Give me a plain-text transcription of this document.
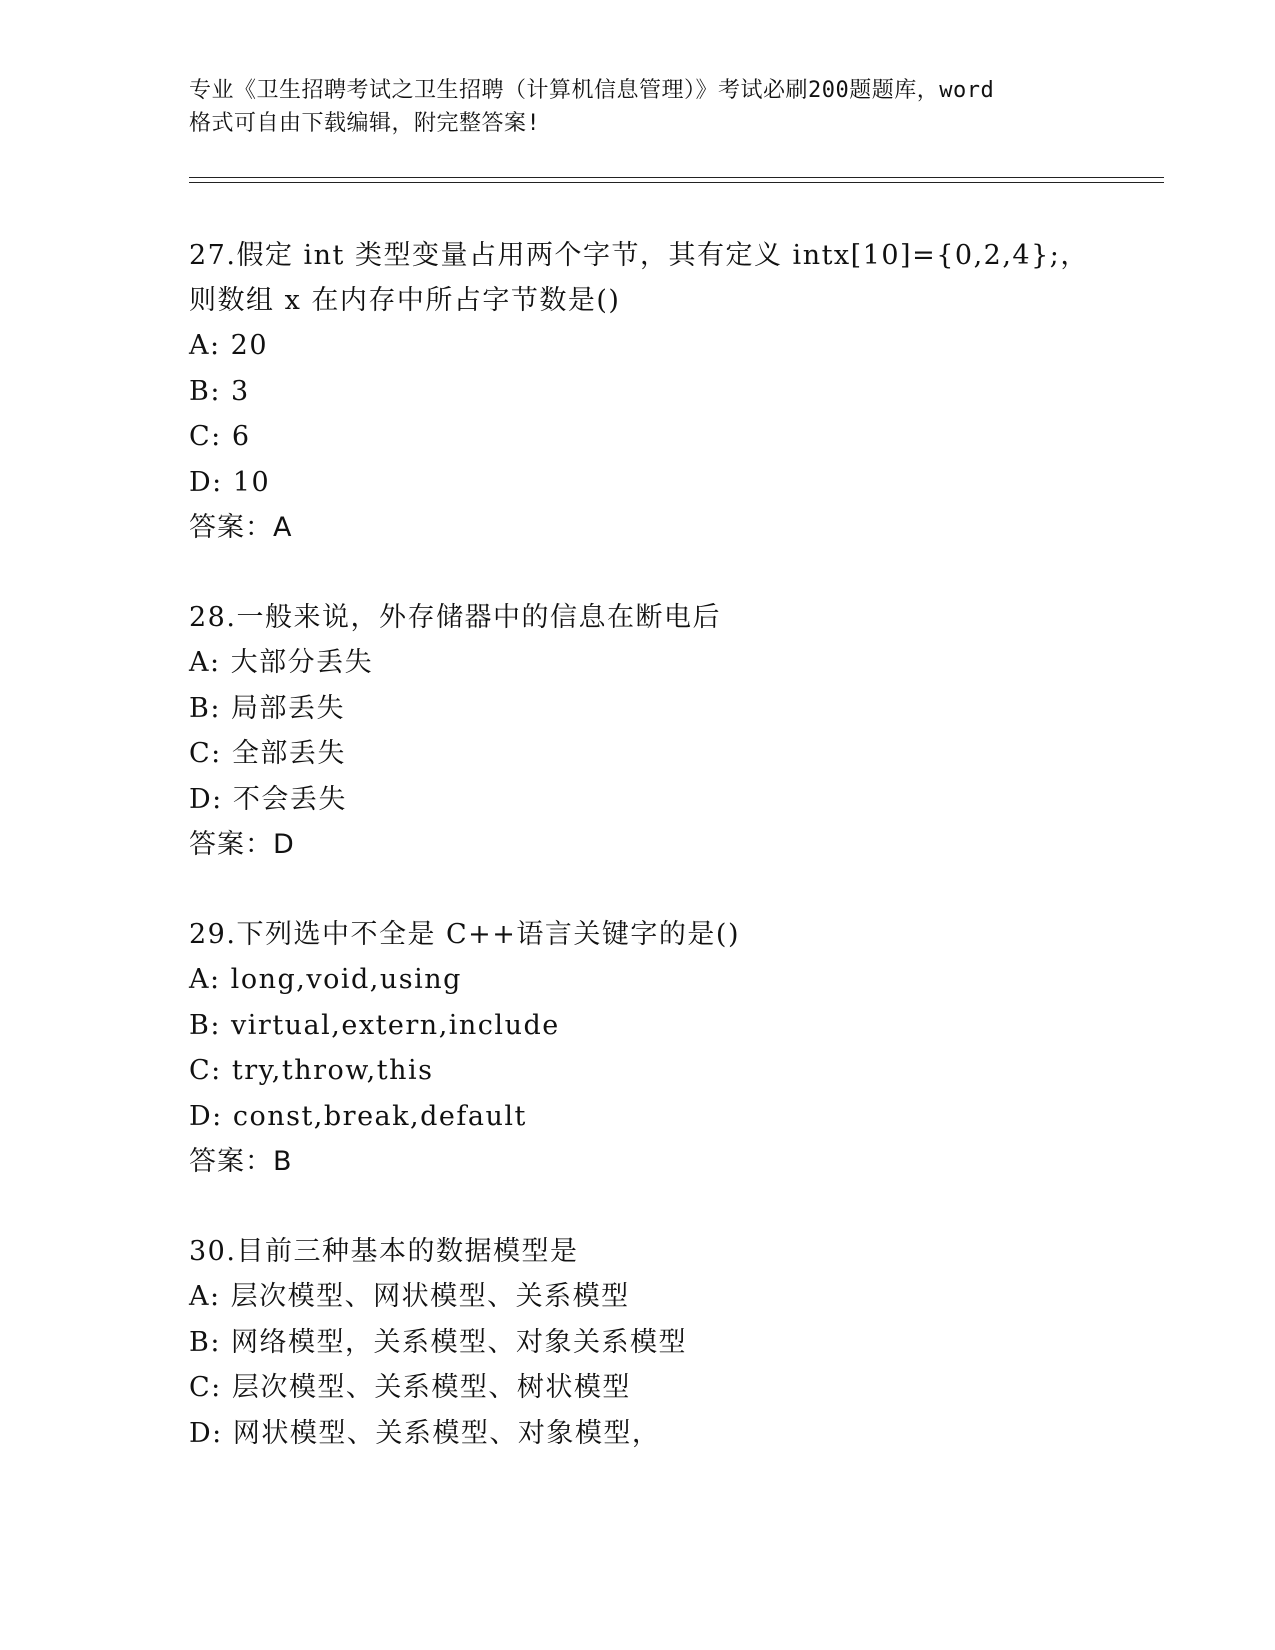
专业《卫生招聘考试之卫生招聘（计算机信息管理）》考试必刷200题题库，word
格式可自由下载编辑，附完整答案!
27.假定 int 类型变量占用两个字节，其有定义 intx[10]={0,2,4};，
则数组 x 在内存中所占字节数是()
A: 20
B: 3
C: 6
D: 10
答案：A
28.一般来说，外存储器中的信息在断电后
A: 大部分丢失
B: 局部丢失
C: 全部丢失
D: 不会丢失
答案：D
29.下列选中不全是 C++语言关键字的是()
A: long,void,using
B: virtual,extern,include
C: try,throw,this
D: const,break,default
答案：B
30.目前三种基本的数据模型是
A: 层次模型、网状模型、关系模型
B: 网络模型，关系模型、对象关系模型
C: 层次模型、关系模型、树状模型
D: 网状模型、关系模型、对象模型，
